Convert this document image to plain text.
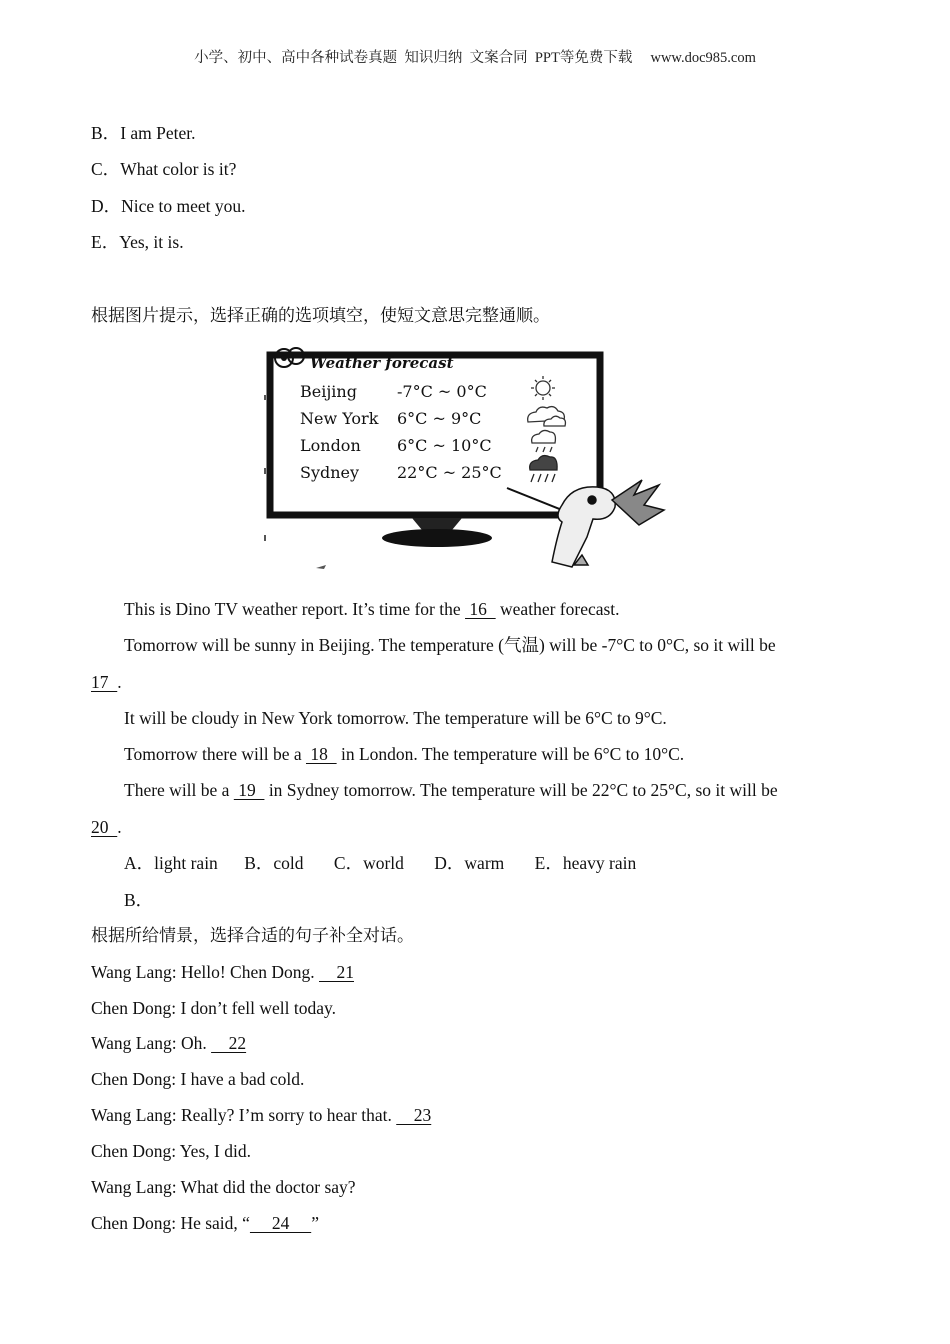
小学、初中、高中各种试卷真题  知识归纳  文案合同  PPT等免费下载     www.doc985.com
B．I am Peter.
C．What color is it?
D．Nice to meet you.
E．Yes, it is.
根据图片提示，选择正确的选项填空，使短文意思完整通顺。
Weather forecast
Beijing	-7°C ~ 0°C
New York 6°C ~ 9°C
London 6°C ~ 10°C
Sydney 22°C ~ 25°C
This is Dino TV weather report. It’s time for the  16   weather forecast.
Tomorrow will be sunny in Beijing. The temperature (气温) will be -7°C to 0°C, so it will be
17  .
It will be cloudy in New York tomorrow. The temperature will be 6°C to 9°C.
Tomorrow there will be a  18   in London. The temperature will be 6°C to 10°C.
There will be a  19   in Sydney tomorrow. The temperature will be 22°C to 25°C, so it will be
20  .
A．light rain B．cold C．world D．warm E．heavy rain
B．
根据所给情景，选择合适的句子补全对话。
Wang Lang: Hello! Chen Dong.     21
Chen Dong: I don’t fell well today.
Wang Lang: Oh.     22
Chen Dong: I have a bad cold.
Wang Lang: Really? I’m sorry to hear that.     23
Chen Dong: Yes, I did.
Wang Lang: What did the doctor say?
Chen Dong: He said, “     24     ”
